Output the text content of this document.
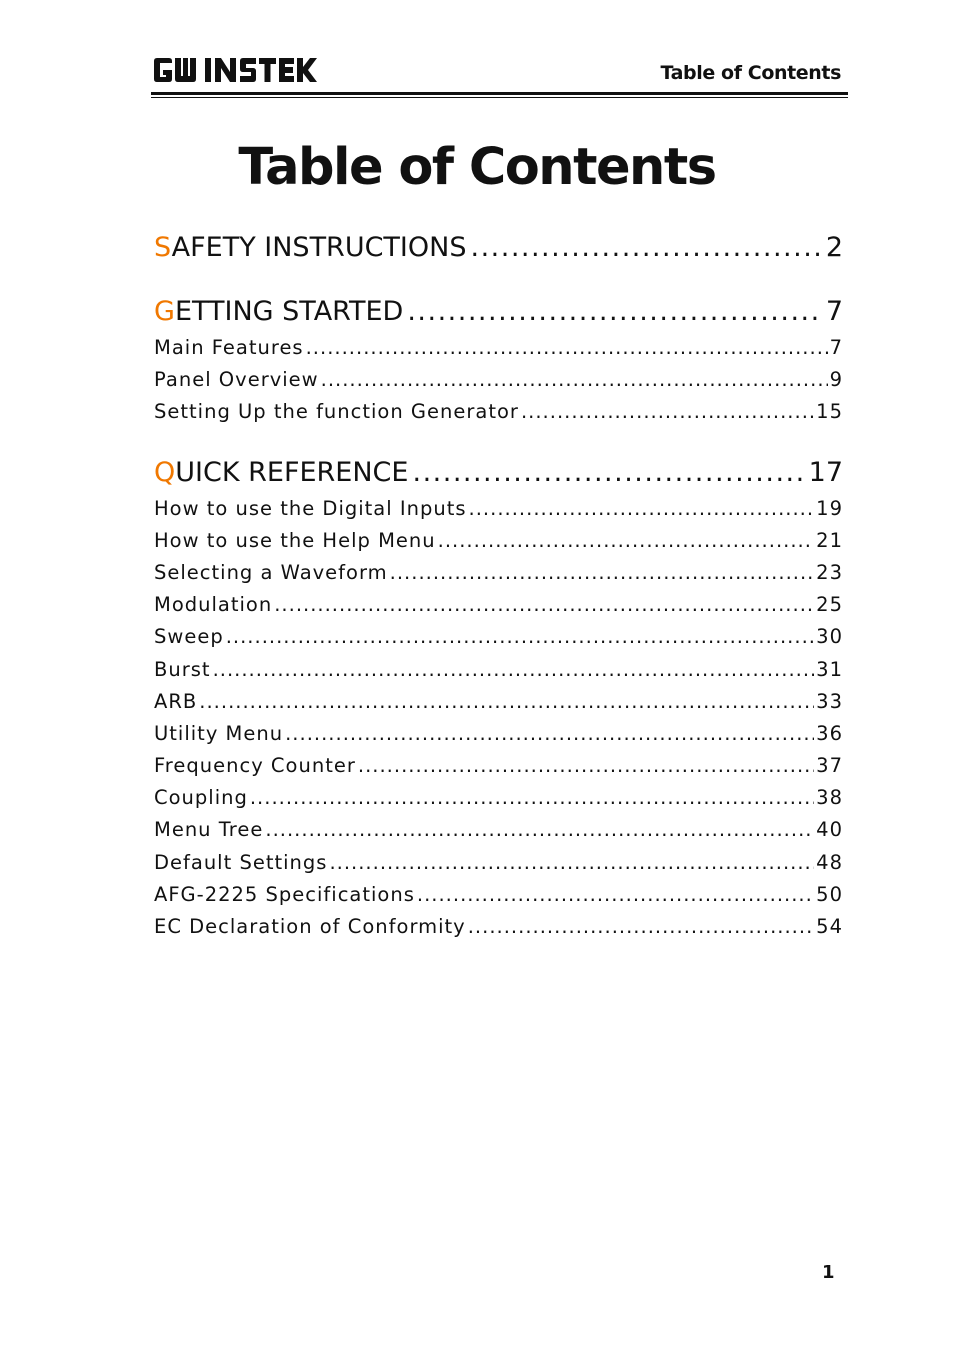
Table of Contents
Table of Contents
SAFETY INSTRUCTIONS .....	2
GETTING STARTED .....	7
Main Features .....	7
Panel Overview .....	9
Setting Up the function Generator .....	15
QUICK REFERENCE .....	17
How to use the Digital Inputs .....	19
How to use the Help Menu .....	21
Selecting a Waveform .....	23
Modulation .....	25
Sweep .....	30
Burst .....	31
ARB .....	33
Utility Menu .....	36
Frequency Counter .....	37
Coupling .....	38
Menu Tree .....	40
Default Settings .....	48
AFG-2225 Specifications .....	50
EC Declaration of Conformity .....	54
1
